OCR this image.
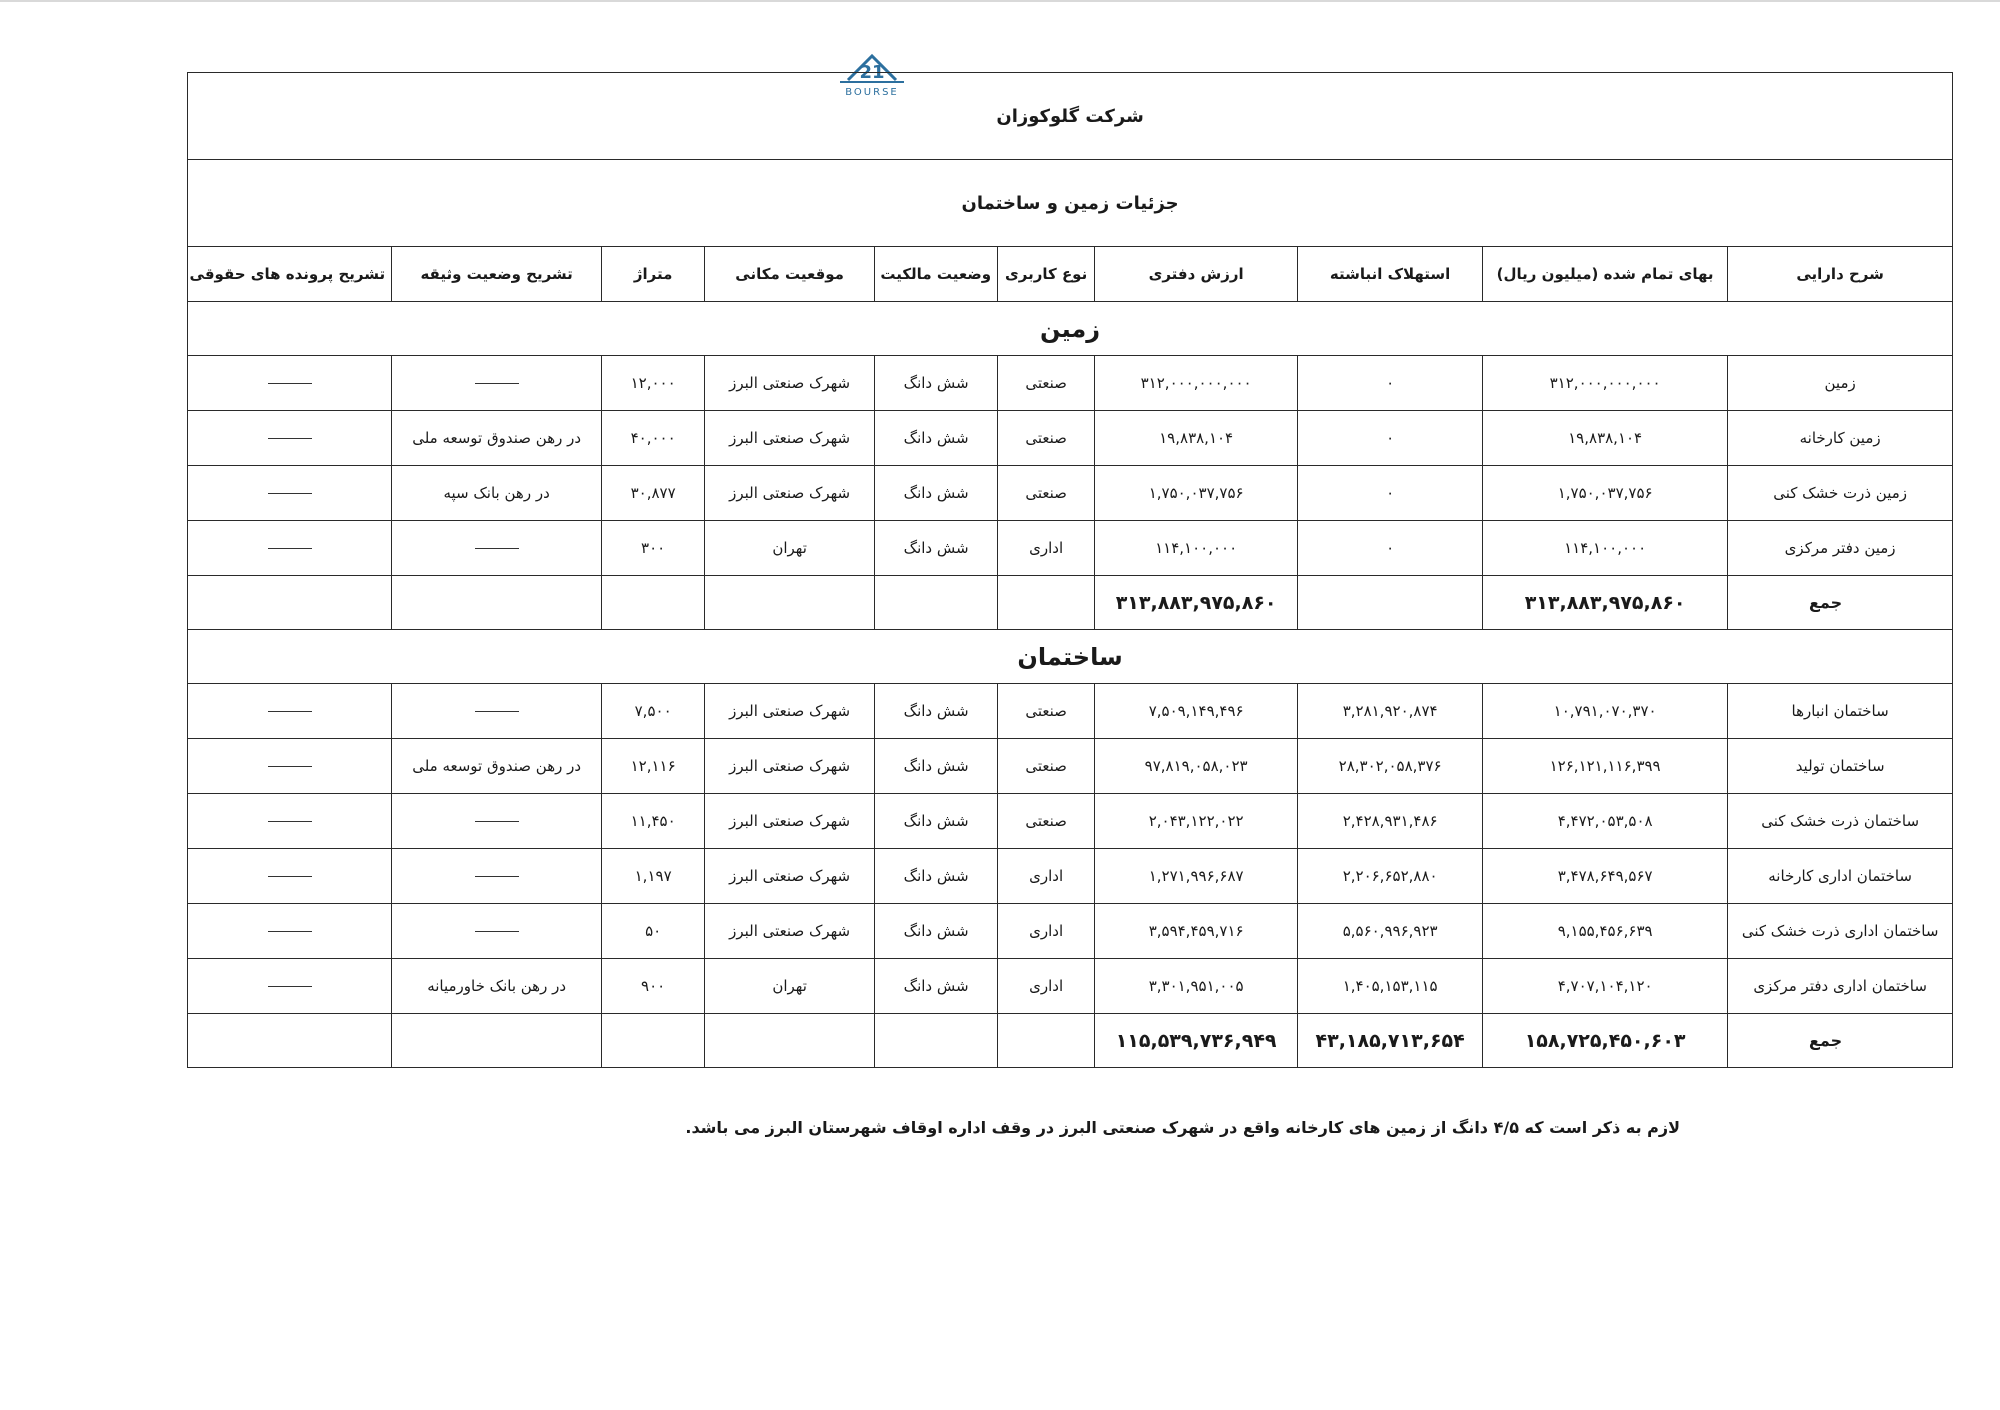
21
BOURSE
شرکت گلوکوزان									
جزئیات زمین و ساختمان									
شرح دارایی	بهای تمام شده (میلیون ریال)	استهلاک انباشته	ارزش دفتری	نوع کاربری	وضعیت مالکیت	موقعیت مکانی	متراژ	تشریح وضعیت وثیقه	تشریح پرونده های حقوقی
زمین									
زمین	۳۱۲,۰۰۰,۰۰۰,۰۰۰	۰	۳۱۲,۰۰۰,۰۰۰,۰۰۰	صنعتی	شش دانگ	شهرک صنعتی البرز	۱۲,۰۰۰		
زمین کارخانه	۱۹,۸۳۸,۱۰۴	۰	۱۹,۸۳۸,۱۰۴	صنعتی	شش دانگ	شهرک صنعتی البرز	۴۰,۰۰۰	در رهن صندوق توسعه ملی	
زمین ذرت خشک کنی	۱,۷۵۰,۰۳۷,۷۵۶	۰	۱,۷۵۰,۰۳۷,۷۵۶	صنعتی	شش دانگ	شهرک صنعتی البرز	۳۰,۸۷۷	در رهن بانک سپه	
زمین دفتر مرکزی	۱۱۴,۱۰۰,۰۰۰	۰	۱۱۴,۱۰۰,۰۰۰	اداری	شش دانگ	تهران	۳۰۰		
جمع	۳۱۳,۸۸۳,۹۷۵,۸۶۰		۳۱۳,۸۸۳,۹۷۵,۸۶۰						
ساختمان									
ساختمان انبارها	۱۰,۷۹۱,۰۷۰,۳۷۰	۳,۲۸۱,۹۲۰,۸۷۴	۷,۵۰۹,۱۴۹,۴۹۶	صنعتی	شش دانگ	شهرک صنعتی البرز	۷,۵۰۰		
ساختمان تولید	۱۲۶,۱۲۱,۱۱۶,۳۹۹	۲۸,۳۰۲,۰۵۸,۳۷۶	۹۷,۸۱۹,۰۵۸,۰۲۳	صنعتی	شش دانگ	شهرک صنعتی البرز	۱۲,۱۱۶	در رهن صندوق توسعه ملی	
ساختمان ذرت خشک کنی	۴,۴۷۲,۰۵۳,۵۰۸	۲,۴۲۸,۹۳۱,۴۸۶	۲,۰۴۳,۱۲۲,۰۲۲	صنعتی	شش دانگ	شهرک صنعتی البرز	۱۱,۴۵۰		
ساختمان اداری کارخانه	۳,۴۷۸,۶۴۹,۵۶۷	۲,۲۰۶,۶۵۲,۸۸۰	۱,۲۷۱,۹۹۶,۶۸۷	اداری	شش دانگ	شهرک صنعتی البرز	۱,۱۹۷		
ساختمان اداری ذرت خشک کنی	۹,۱۵۵,۴۵۶,۶۳۹	۵,۵۶۰,۹۹۶,۹۲۳	۳,۵۹۴,۴۵۹,۷۱۶	اداری	شش دانگ	شهرک صنعتی البرز	۵۰		
ساختمان اداری دفتر مرکزی	۴,۷۰۷,۱۰۴,۱۲۰	۱,۴۰۵,۱۵۳,۱۱۵	۳,۳۰۱,۹۵۱,۰۰۵	اداری	شش دانگ	تهران	۹۰۰	در رهن بانک خاورمیانه	
جمع	۱۵۸,۷۲۵,۴۵۰,۶۰۳	۴۳,۱۸۵,۷۱۳,۶۵۴	۱۱۵,۵۳۹,۷۳۶,۹۴۹						
لازم به ذکر است که ۴/۵ دانگ از زمین های کارخانه واقع در شهرک صنعتی البرز در وقف اداره اوقاف شهرستان البرز می باشد.
